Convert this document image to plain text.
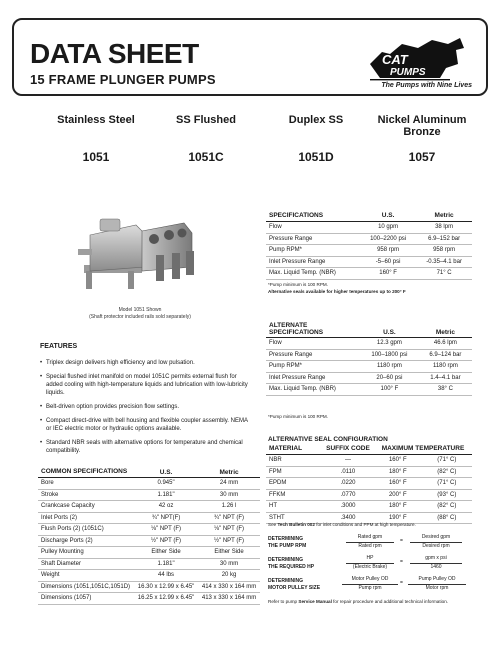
DATA SHEET
15 FRAME PLUNGER PUMPS
CAT
PUMPS
The Pumps with Nine Lives
Stainless Steel
1051
SS Flushed
1051C
Duplex SS
1051D
Nickel Aluminum Bronze
1057
Model 1051 Shown
(Shaft protector included rails sold separately)
FEATURES
• Triplex design delivers high efficiency and low pulsation.
• Special flushed inlet manifold on model 1051C permits external flush for added cooling with high-temperature liquids and lubrication with low-lubricity liquids.
• Belt-driven option provides precision flow settings.
• Compact direct-drive with bell housing and flexible coupler assembly. NEMA or IEC electric motor or hydraulic options available.
• Standard NBR seals with alternative options for temperature and chemical compatibility.
SPECIFICATIONS	U.S.	Metric
Flow	10 gpm	38 lpm
Pressure Range	100–2200 psi	6.9–152 bar
Pump RPM*	958 rpm	958 rpm
Inlet Pressure Range	-5–60 psi	-0.35–4.1 bar
Max. Liquid Temp. (NBR)	160° F	71° C
*Pump minimum is 100 RPM.
Alternative seals available for higher temperatures up to 200° F
ALTERNATE SPECIFICATIONS	U.S.	Metric
Flow	12.3 gpm	46.6 lpm
Pressure Range	100–1800 psi	6.9–124 bar
Pump RPM*	1180 rpm	1180 rpm
Inlet Pressure Range	20–60 psi	1.4–4.1 bar
Max. Liquid Temp. (NBR)	100° F	38° C
*Pump minimum is 100 RPM.
ALTERNATIVE SEAL CONFIGURATION
MATERIAL	SUFFIX CODE	MAXIMUM TEMPERATURE	
NBR	—	160° F	(71° C)
FPM	.0110	180° F	(82° C)
EPDM	.0220	160° F	(71° C)
FFKM	.0770	200° F	(93° C)
HT	.3000	180° F	(82° C)
STHT	.3400	190° F	(88° C)
See Tech Bulletin 002 for inlet conditions and PPM at high temperature.
DETERMINING
THE PUMP RPM
Rated gpm
Rated rpm
=
Desired gpm
Desired rpm
DETERMINING
THE REQUIRED HP
HP
(Electric Brake)
=
gpm x psi
1460
DETERMINING
MOTOR PULLEY SIZE
Motor Pulley OD
Pump rpm
=
Pump Pulley OD
Motor rpm
Refer to pump Service Manual for repair procedure and additional technical information.
COMMON SPECIFICATIONS	U.S.	Metric
Bore	0.945"	24 mm
Stroke	1.181"	30 mm
Crankcase Capacity	42 oz	1.26 l
Inlet Ports (2)	¾" NPT(F)	¾" NPT (F)
Flush Ports (2) (1051C)	⅛" NPT (F)	⅛" NPT (F)
Discharge Ports (2)	½" NPT (F)	½" NPT (F)
Pulley Mounting	Either Side	Either Side
Shaft Diameter	1.181"	30 mm
Weight	44 lbs	20 kg
Dimensions (1051,1051C,1051D)	16.30 x 12.99 x 6.45"	414 x 330 x 164 mm
Dimensions (1057)	16.25 x 12.99 x 6.45"	413 x 330 x 164 mm
